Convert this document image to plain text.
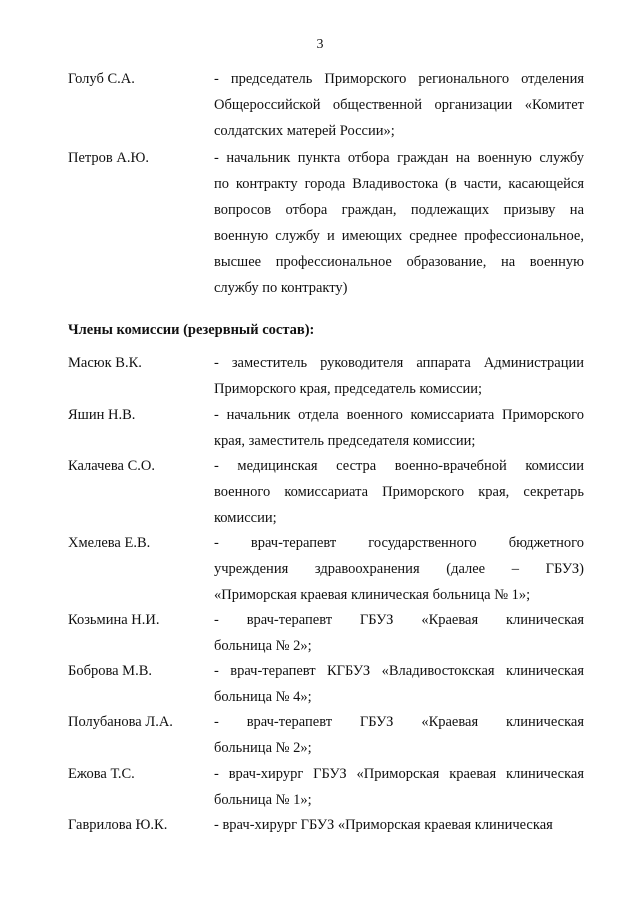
3
Голуб С.А.	- председатель Приморского регионального отделения
Общероссийской общественной организации «Комитет
солдатских матерей России»;
Петров А.Ю.	- начальник пункта отбора граждан на военную службу
по контракту города Владивостока (в части, касающейся
вопросов отбора граждан, подлежащих призыву на
военную службу и имеющих среднее профессиональное,
высшее профессиональное образование, на военную
службу по контракту)
Члены комиссии (резервный состав):
Масюк В.К.	- заместитель руководителя аппарата Администрации
Приморского края, председатель комиссии;
Яшин Н.В.	- начальник отдела военного комиссариата Приморского
края, заместитель председателя комиссии;
Калачева С.О.	- медицинская сестра военно-врачебной комиссии
военного комиссариата Приморского края, секретарь
комиссии;
Хмелева Е.В.	- врач-терапевт государственного бюджетного
учреждения здравоохранения (далее – ГБУЗ)
«Приморская краевая клиническая больница № 1»;
Козьмина Н.И.	- врач-терапевт ГБУЗ «Краевая клиническая
больница № 2»;
Боброва М.В.	- врач-терапевт КГБУЗ «Владивостокская клиническая
больница № 4»;
Полубанова Л.А.	- врач-терапевт ГБУЗ «Краевая клиническая
больница № 2»;
Ежова Т.С.	- врач-хирург ГБУЗ «Приморская краевая клиническая
больница № 1»;
Гаврилова Ю.К.	- врач-хирург ГБУЗ «Приморская краевая клиническая
